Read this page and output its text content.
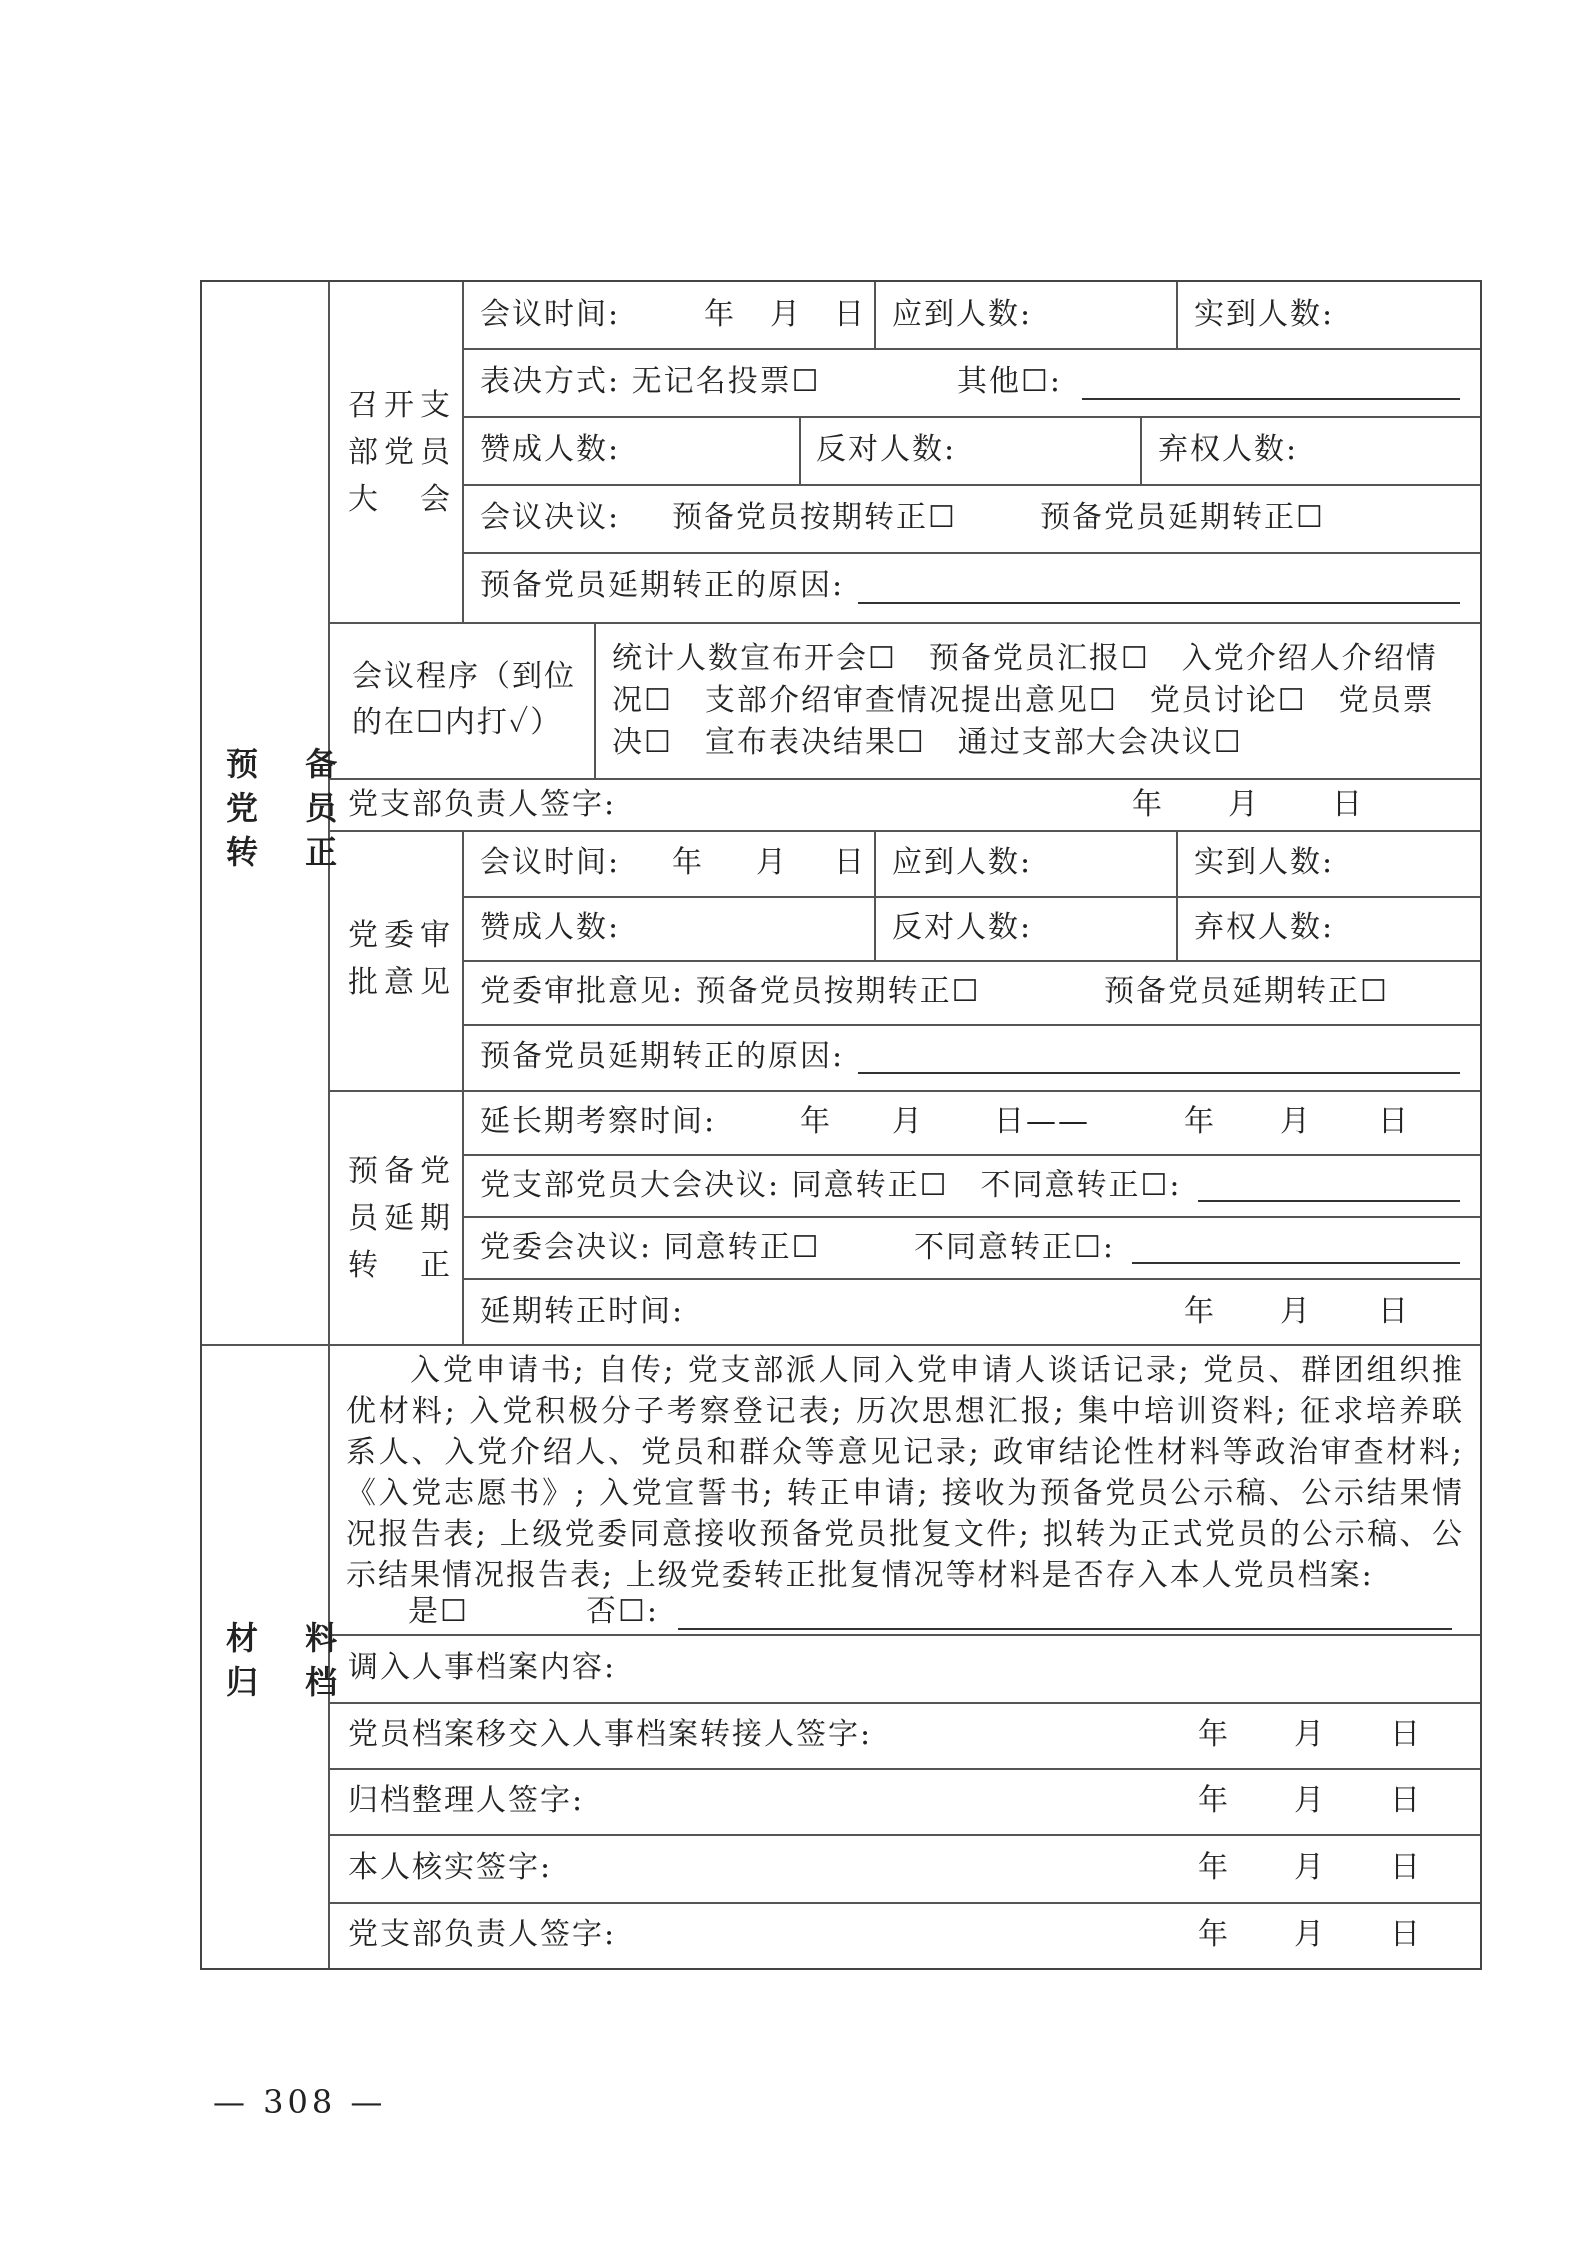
预 备
党 员
转 正
召开支
部党员
大　会
会议时间:	年 月 日 应到人数:	实到人数:
表决方式: 无记名投票☐	其他☐:
赞成人数:	反对人数:	弃权人数:
会议决议: 预备党员按期转正☐	预备党员延期转正☐
预备党员延期转正的原因:
会议程序（到位
的在☐内打✓）
统计人数宣布开会☐　预备党员汇报☐　入党介绍人介绍情
况☐　支部介绍审查情况提出意见☐　党员讨论☐　党员票
决☐　宣布表决结果☐　通过支部大会决议☐
党支部负责人签字:	年 月 日
党委审
批意见
会议时间: 年 月 日 应到人数:	实到人数:
赞成人数:	反对人数:	弃权人数:
党委审批意见: 预备党员按期转正☐	预备党员延期转正☐
预备党员延期转正的原因:
预备党
员延期
转　正
延长期考察时间:	年 月 日——	年 月 日
党支部党员大会决议: 同意转正☐　不同意转正☐:
党委会决议: 同意转正☐	不同意转正☐:
延期转正时间:	年 月 日
材 料
归 档
入党申请书; 自传; 党支部派人同入党申请人谈话记录; 党员、群团组织推优材料; 入党积极分子考察登记表; 历次思想汇报; 集中培训资料; 征求培养联系人、入党介绍人、党员和群众等意见记录; 政审结论性材料等政治审查材料; 《入党志愿书》; 入党宣誓书; 转正申请; 接收为预备党员公示稿、公示结果情况报告表; 上级党委同意接收预备党员批复文件; 拟转为正式党员的公示稿、公示结果情况报告表; 上级党委转正批复情况等材料是否存入本人党员档案:
是☐	否☐:
调入人事档案内容:
党员档案移交入人事档案转接人签字:	年 月 日
归档整理人签字:	年 月 日
本人核实签字:	年 月 日
党支部负责人签字:	年 月 日
— 308 —
